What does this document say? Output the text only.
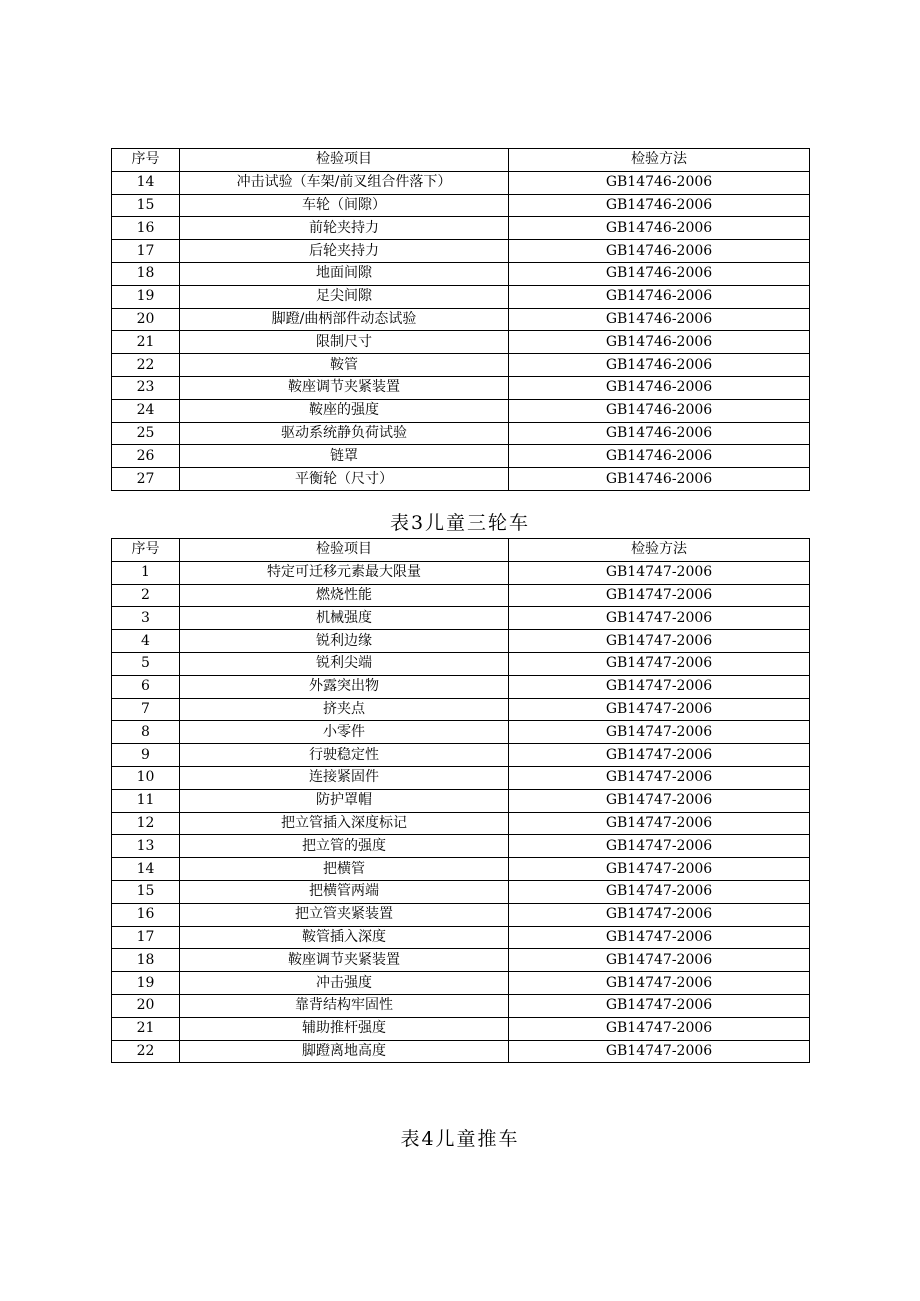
序号	检验项目	检验方法
14	冲击试验（车架/前叉组合件落下）	GB14746-2006
15	车轮（间隙）	GB14746-2006
16	前轮夹持力	GB14746-2006
17	后轮夹持力	GB14746-2006
18	地面间隙	GB14746-2006
19	足尖间隙	GB14746-2006
20	脚蹬/曲柄部件动态试验	GB14746-2006
21	限制尺寸	GB14746-2006
22	鞍管	GB14746-2006
23	鞍座调节夹紧装置	GB14746-2006
24	鞍座的强度	GB14746-2006
25	驱动系统静负荷试验	GB14746-2006
26	链罩	GB14746-2006
27	平衡轮（尺寸）	GB14746-2006
表3儿童三轮车
序号	检验项目	检验方法
1	特定可迁移元素最大限量	GB14747-2006
2	燃烧性能	GB14747-2006
3	机械强度	GB14747-2006
4	锐利边缘	GB14747-2006
5	锐利尖端	GB14747-2006
6	外露突出物	GB14747-2006
7	挤夹点	GB14747-2006
8	小零件	GB14747-2006
9	行驶稳定性	GB14747-2006
10	连接紧固件	GB14747-2006
11	防护罩帽	GB14747-2006
12	把立管插入深度标记	GB14747-2006
13	把立管的强度	GB14747-2006
14	把横管	GB14747-2006
15	把横管两端	GB14747-2006
16	把立管夹紧装置	GB14747-2006
17	鞍管插入深度	GB14747-2006
18	鞍座调节夹紧装置	GB14747-2006
19	冲击强度	GB14747-2006
20	靠背结构牢固性	GB14747-2006
21	辅助推杆强度	GB14747-2006
22	脚蹬离地高度	GB14747-2006
表4儿童推车
